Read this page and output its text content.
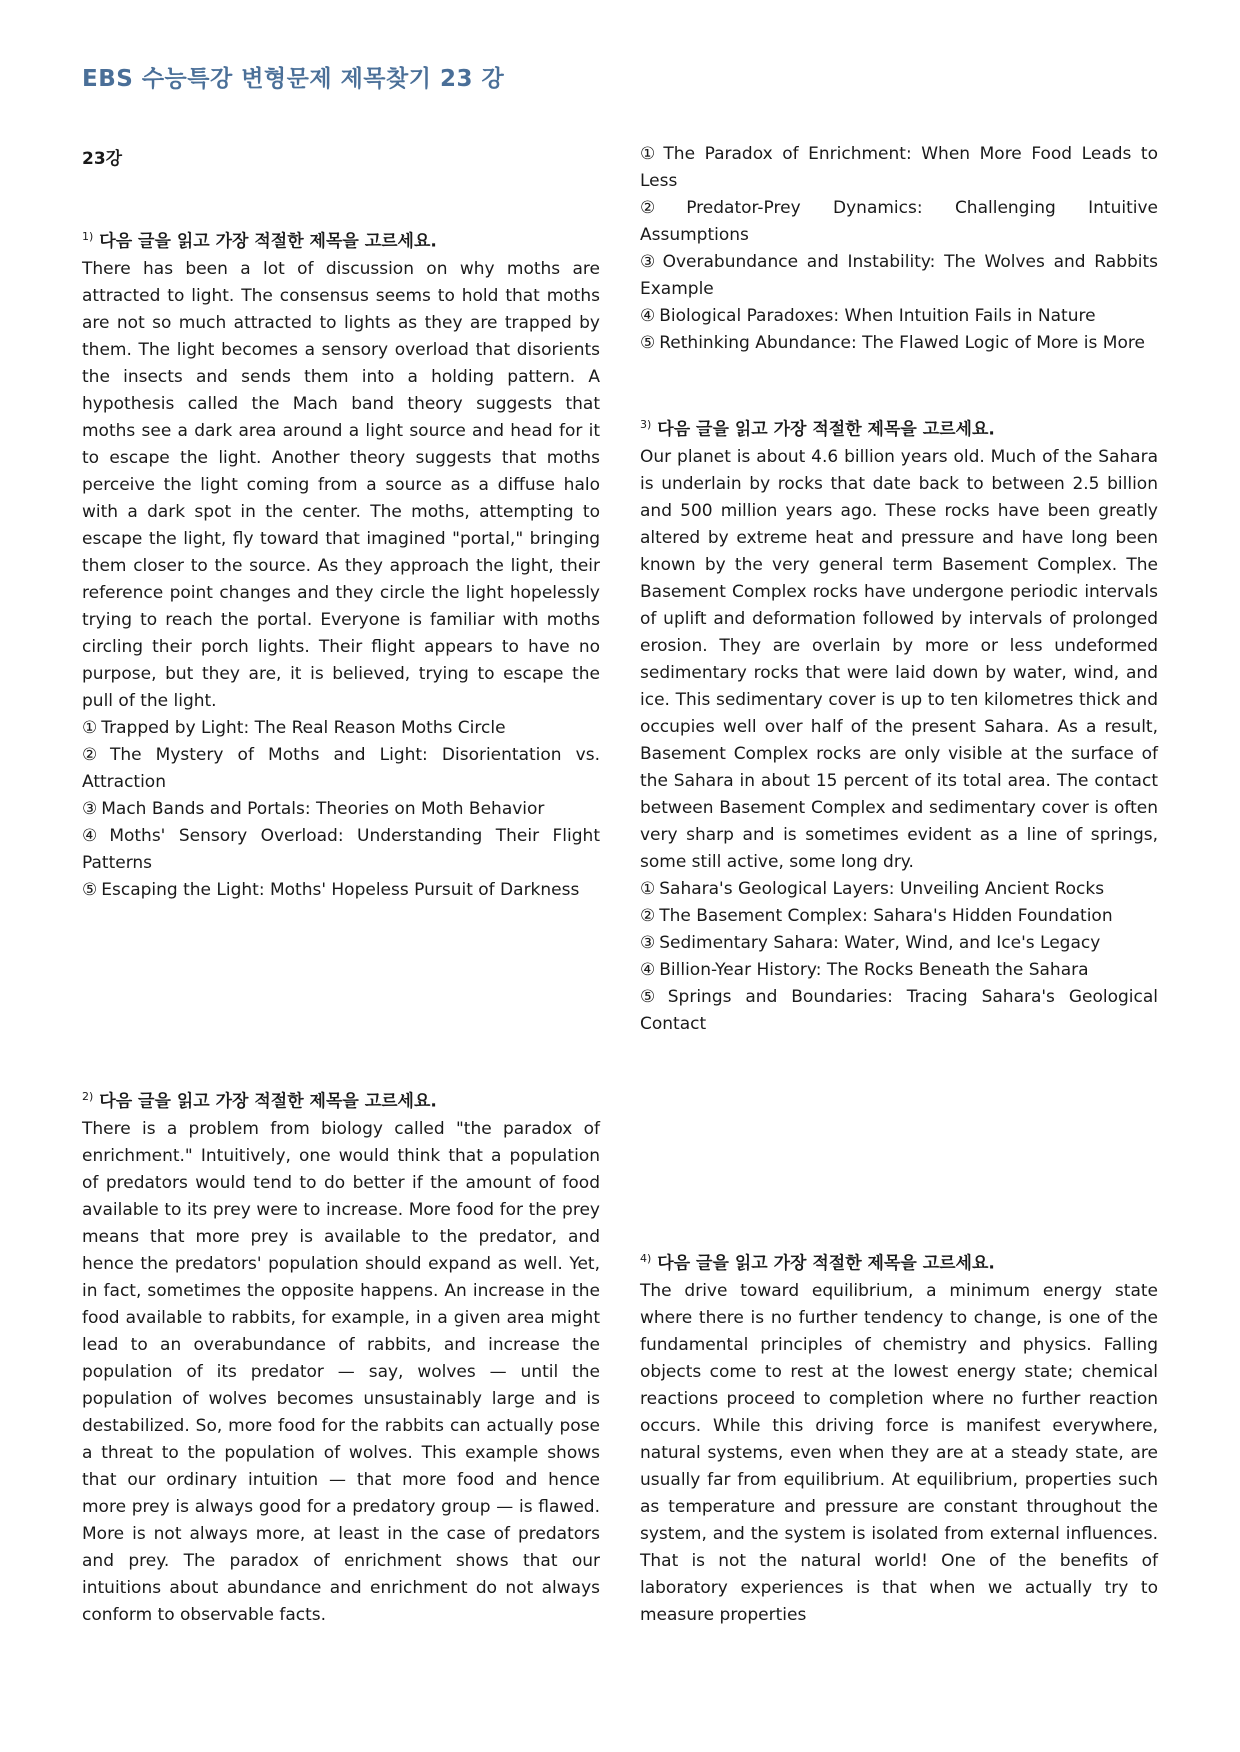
EBS 수능특강 변형문제 제목찾기 23 강
23강
$^{1)}$ 다음 글을 읽고 가장 적절한 제목을 고르세요.

There has been a lot of discussion on why moths are attracted to light. The consensus seems to hold that moths are not so much attracted to lights as they are trapped by them. The light becomes a sensory overload that disorients the insects and sends them into a holding pattern. A hypothesis called the Mach band theory suggests that moths see a dark area around a light source and head for it to escape the light. Another theory suggests that moths perceive the light coming from a source as a diffuse halo with a dark spot in the center. The moths, attempting to escape the light, fly toward that imagined "portal," bringing them closer to the source. As they approach the light, their reference point changes and they circle the light hopelessly trying to reach the portal. Everyone is familiar with moths circling their porch lights. Their flight appears to have no purpose, but they are, it is believed, trying to escape the pull of the light.

① Trapped by Light: The Real Reason Moths Circle
② The Mystery of Moths and Light: Disorientation vs. Attraction
③ Mach Bands and Portals: Theories on Moth Behavior
④ Moths' Sensory Overload: Understanding Their Flight Patterns
⑤ Escaping the Light: Moths' Hopeless Pursuit of Darkness
$^{2)}$ 다음 글을 읽고 가장 적절한 제목을 고르세요.

There is a problem from biology called "the paradox of enrichment." Intuitively, one would think that a population of predators would tend to do better if the amount of food available to its prey were to increase. More food for the prey means that more prey is available to the predator, and hence the predators' population should expand as well. Yet, in fact, sometimes the opposite happens. An increase in the food available to rabbits, for example, in a given area might lead to an overabundance of rabbits, and increase the population of its predator — say, wolves — until the population of wolves becomes unsustainably large and is destabilized. So, more food for the rabbits can actually pose a threat to the population of wolves. This example shows that our ordinary intuition — that more food and hence more prey is always good for a predatory group — is flawed. More is not always more, at least in the case of predators and prey. The paradox of enrichment shows that our intuitions about abundance and enrichment do not always conform to observable facts.

① The Paradox of Enrichment: When More Food Leads to Less
② Predator-Prey Dynamics: Challenging Intuitive Assumptions
③ Overabundance and Instability: The Wolves and Rabbits Example
④ Biological Paradoxes: When Intuition Fails in Nature
⑤ Rethinking Abundance: The Flawed Logic of More is More
$^{3)}$ 다음 글을 읽고 가장 적절한 제목을 고르세요.

Our planet is about 4.6 billion years old. Much of the Sahara is underlain by rocks that date back to between 2.5 billion and 500 million years ago. These rocks have been greatly altered by extreme heat and pressure and have long been known by the very general term Basement Complex. The Basement Complex rocks have undergone periodic intervals of uplift and deformation followed by intervals of prolonged erosion. They are overlain by more or less undeformed sedimentary rocks that were laid down by water, wind, and ice. This sedimentary cover is up to ten kilometres thick and occupies well over half of the present Sahara. As a result, Basement Complex rocks are only visible at the surface of the Sahara in about 15 percent of its total area. The contact between Basement Complex and sedimentary cover is often very sharp and is sometimes evident as a line of springs, some still active, some long dry.

① Sahara's Geological Layers: Unveiling Ancient Rocks
② The Basement Complex: Sahara's Hidden Foundation
③ Sedimentary Sahara: Water, Wind, and Ice's Legacy
④ Billion-Year History: The Rocks Beneath the Sahara
⑤ Springs and Boundaries: Tracing Sahara's Geological Contact
$^{4)}$ 다음 글을 읽고 가장 적절한 제목을 고르세요.

The drive toward equilibrium, a minimum energy state where there is no further tendency to change, is one of the fundamental principles of chemistry and physics. Falling objects come to rest at the lowest energy state; chemical reactions proceed to completion where no further reaction occurs. While this driving force is manifest everywhere, natural systems, even when they are at a steady state, are usually far from equilibrium. At equilibrium, properties such as temperature and pressure are constant throughout the system, and the system is isolated from external influences. That is not the natural world! One of the benefits of laboratory experiences is that when we actually try to measure properties
